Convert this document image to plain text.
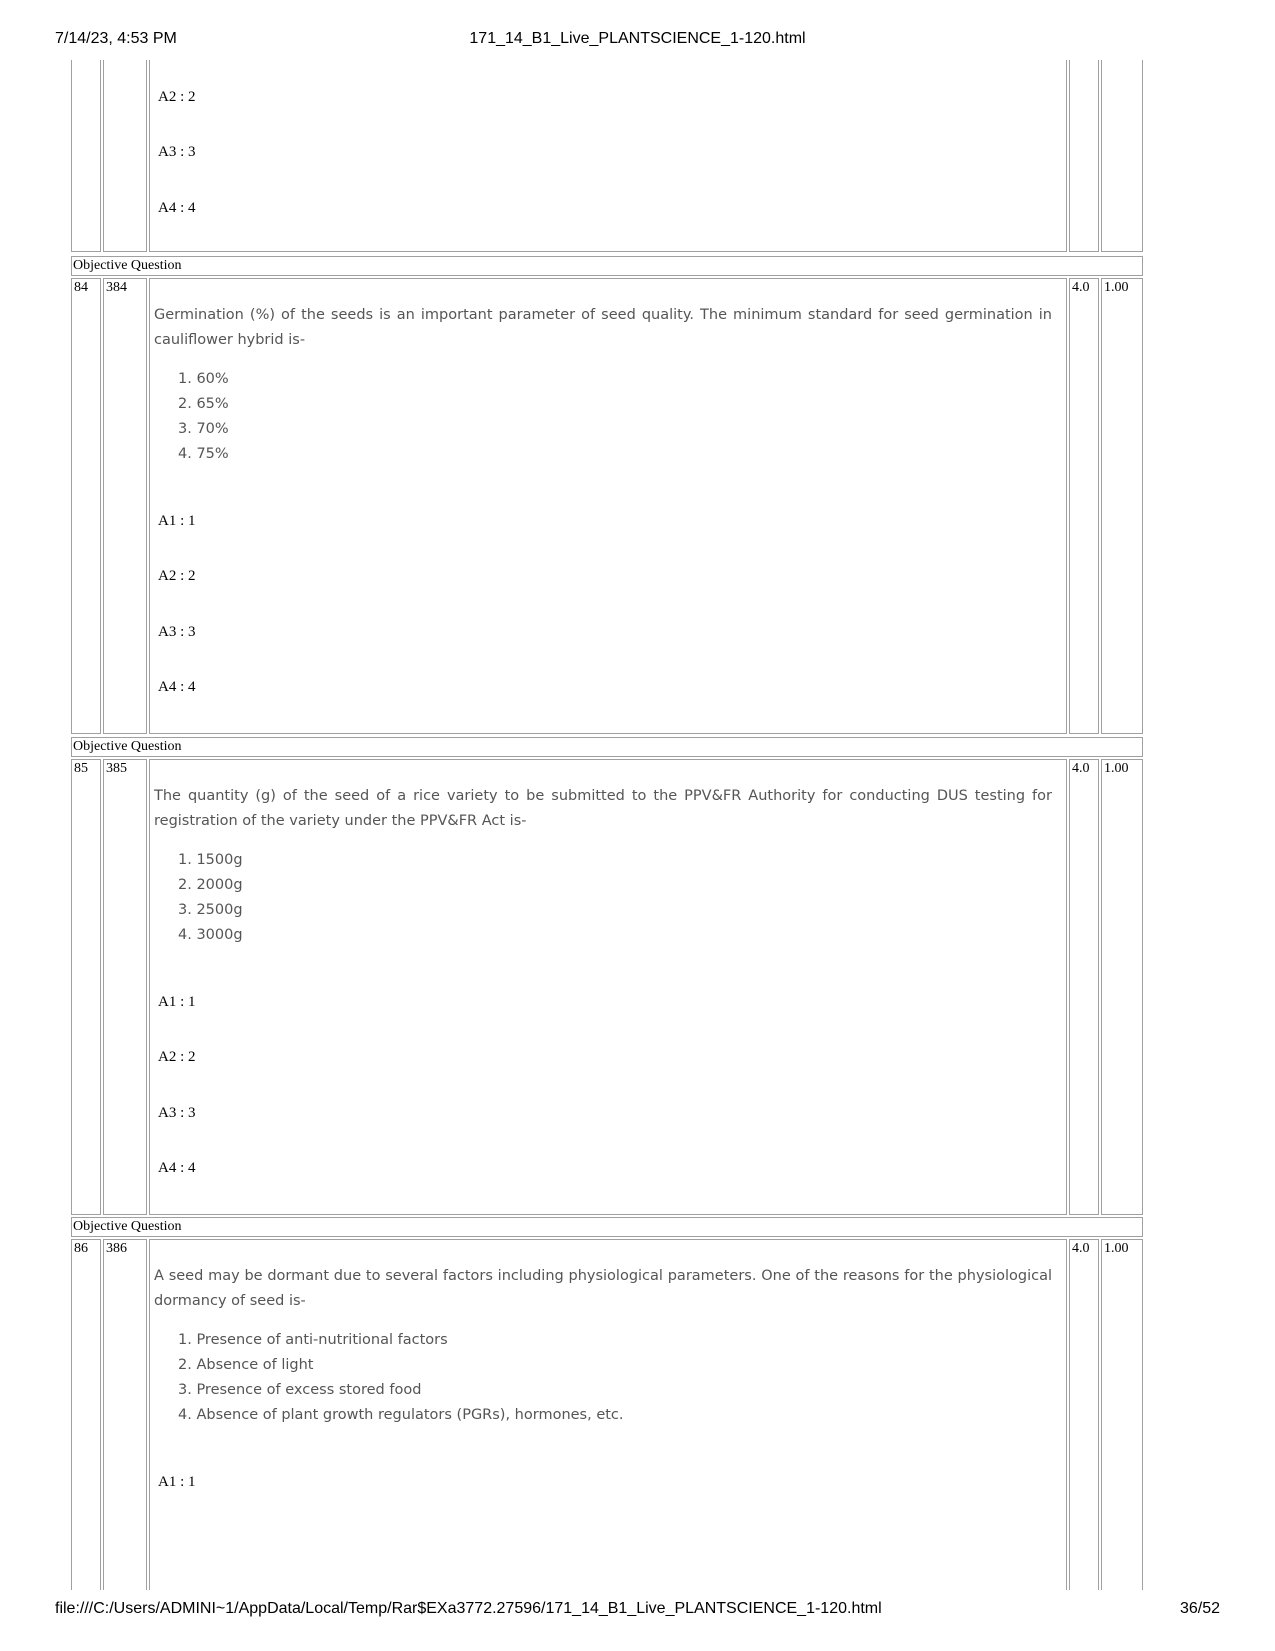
7/14/23, 4:53 PM	171_14_B1_Live_PLANTSCIENCE_1-120.html
A2 : 2
A3 : 3
A4 : 4
Objective Question
84 384
Germination (%) of the seeds is an important parameter of seed quality. The minimum standard for seed germination in cauliflower hybrid is-
1. 60%
2. 65%
3. 70%
4. 75%
A1 : 1
A2 : 2
A3 : 3
A4 : 4
4.0 1.00
Objective Question
85 385
The quantity (g) of the seed of a rice variety to be submitted to the PPV&FR Authority for conducting DUS testing for registration of the variety under the PPV&FR Act is-
1. 1500g
2. 2000g
3. 2500g
4. 3000g
A1 : 1
A2 : 2
A3 : 3
A4 : 4
4.0 1.00
Objective Question
86 386
A seed may be dormant due to several factors including physiological parameters. One of the reasons for the physiological dormancy of seed is-
1. Presence of anti-nutritional factors
2. Absence of light
3. Presence of excess stored food
4. Absence of plant growth regulators (PGRs), hormones, etc.
A1 : 1
4.0 1.00
file:///C:/Users/ADMINI~1/AppData/Local/Temp/Rar$EXa3772.27596/171_14_B1_Live_PLANTSCIENCE_1-120.html	36/52
